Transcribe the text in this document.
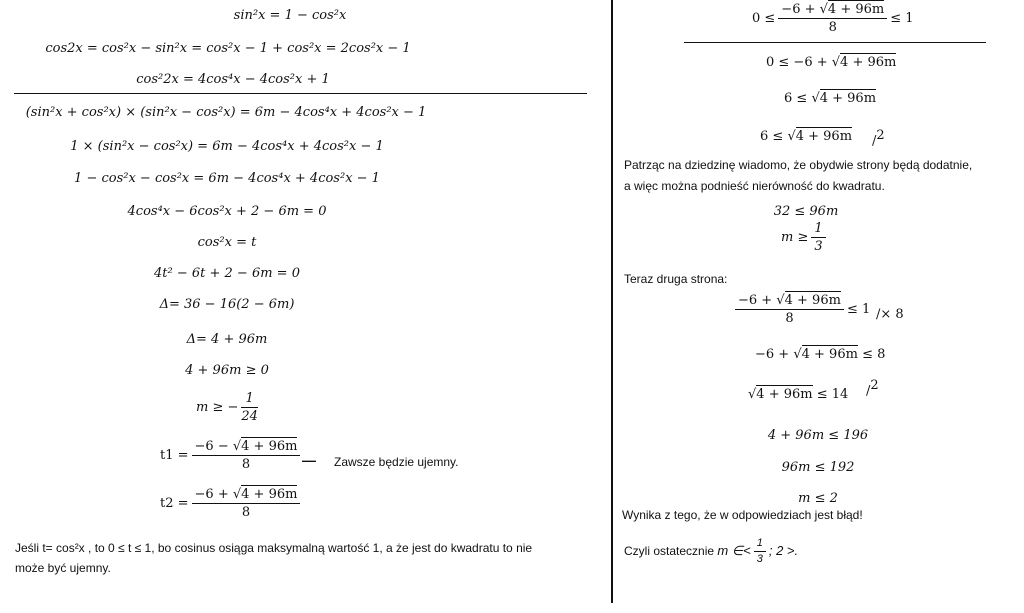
sin²x = 1 − cos²x
cos2x = cos²x − sin²x = cos²x − 1 + cos²x = 2cos²x − 1
cos²2x = 4cos⁴x − 4cos²x + 1
(sin²x + cos²x) × (sin²x − cos²x) = 6m − 4cos⁴x + 4cos²x − 1
1 × (sin²x − cos²x) = 6m − 4cos⁴x + 4cos²x − 1
1 − cos²x − cos²x = 6m − 4cos⁴x + 4cos²x − 1
4cos⁴x − 6cos²x + 2 − 6m = 0
cos²x = t
4t² − 6t + 2 − 6m = 0
Δ= 36 − 16(2 − 6m)
Δ= 4 + 96m
4 + 96m ≥ 0
m ≥ − $\frac{1}{24}$
$t1 = \frac{-6 - √4 + 96m}{8}$ — Zawsze będzie ujemny.
$t2 = \frac{-6 + √4 + 96m}{8}$
Jeśli t= cos²x , to 0 ≤ t ≤ 1, bo cosinus osiąga maksymalną wartość 1, a że jest do kwadratu to nie
może być ujemny.
$0 \le \frac{-6 + √4 + 96m}{8} \le 1$
0 ≤ −6 + √4 + 96m
6 ≤ √4 + 96m
6 ≤ √4 + 96m /$^2$
Patrząc na dziedzinę wiadomo, że obydwie strony będą dodatnie,
a więc można podnieść nierówność do kwadratu.
32 ≤ 96m
$m \ge \frac{1}{3}$
Teraz druga strona:
$\frac{-6 + √4 + 96m}{8} \le 1 /\times 8$
−6 + √4 + 96m ≤ 8
√4 + 96m ≤ 14 /$^2$
4 + 96m ≤ 196
96m ≤ 192
m ≤ 2
Wynika z tego, że w odpowiedziach jest błąd!
Czyli ostatecznie m ∈< $\frac{1}{3}$ ; 2 >.
